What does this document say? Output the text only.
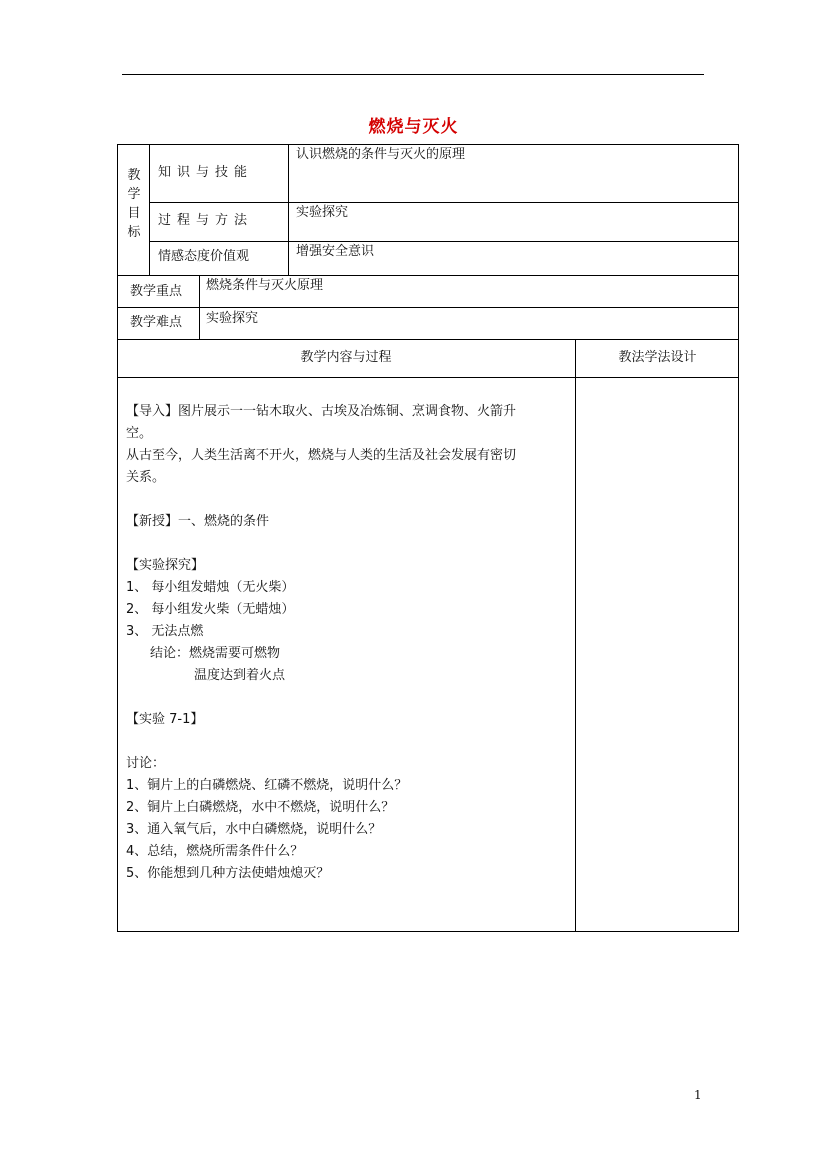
燃烧与灭火
教
学
目
标
知识与技能
认识燃烧的条件与灭火的原理
过程与方法
实验探究
情感态度价值观	增强安全意识
教学重点 燃烧条件与灭火原理
教学难点 实验探究
教学内容与过程	教法学法设计

【导入】图片展示一一钻木取火、古埃及冶炼铜、烹调食物、火箭升

空。

从古至今，人类生活离不开火，燃烧与人类的生活及社会发展有密切

关系。

【新授】一、燃烧的条件

【实验探究】

1、 每小组发蜡烛（无火柴）

2、 每小组发火柴（无蜡烛）

3、 无法点燃

结论：燃烧需要可燃物

温度达到着火点

【实验 7-1】

讨论：

1、铜片上的白磷燃烧、红磷不燃烧，说明什么？

2、铜片上白磷燃烧，水中不燃烧，说明什么？

3、通入氧气后，水中白磷燃烧，说明什么？

4、总结，燃烧所需条件什么？

5、你能想到几种方法使蜡烛熄灭？

1
